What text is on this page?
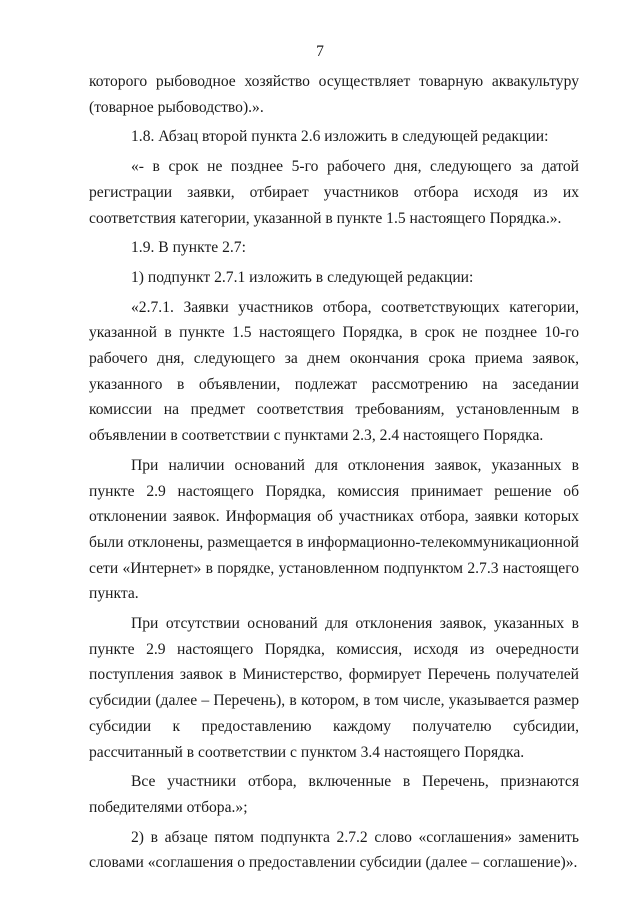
7

которого рыбоводное хозяйство осуществляет товарную аквакультуру (товарное рыбоводство).».

1.8. Абзац второй пункта 2.6 изложить в следующей редакции:

«- в срок не позднее 5-го рабочего дня, следующего за датой регистрации заявки, отбирает участников отбора исходя из их соответствия категории, указанной в пункте 1.5 настоящего Порядка.».

1.9. В пункте 2.7:

1) подпункт 2.7.1 изложить в следующей редакции:

«2.7.1. Заявки участников отбора, соответствующих категории, указанной в пункте 1.5 настоящего Порядка, в срок не позднее 10-го рабочего дня, следующего за днем окончания срока приема заявок, указанного в объявлении, подлежат рассмотрению на заседании комиссии на предмет соответствия требованиям, установленным в объявлении в соответствии с пунктами 2.3, 2.4 настоящего Порядка.

При наличии оснований для отклонения заявок, указанных в пункте 2.9 настоящего Порядка, комиссия принимает решение об отклонении заявок. Информация об участниках отбора, заявки которых были отклонены, размещается в информационно-телекоммуникационной сети «Интернет» в порядке, установленном подпунктом 2.7.3 настоящего пункта.

При отсутствии оснований для отклонения заявок, указанных в пункте 2.9 настоящего Порядка, комиссия, исходя из очередности поступления заявок в Министерство, формирует Перечень получателей субсидии (далее – Перечень), в котором, в том числе, указывается размер субсидии к предоставлению каждому получателю субсидии, рассчитанный в соответствии с пунктом 3.4 настоящего Порядка.

Все участники отбора, включенные в Перечень, признаются победителями отбора.»;

2) в абзаце пятом подпункта 2.7.2 слово «соглашения» заменить словами «соглашения о предоставлении субсидии (далее – соглашение)».
